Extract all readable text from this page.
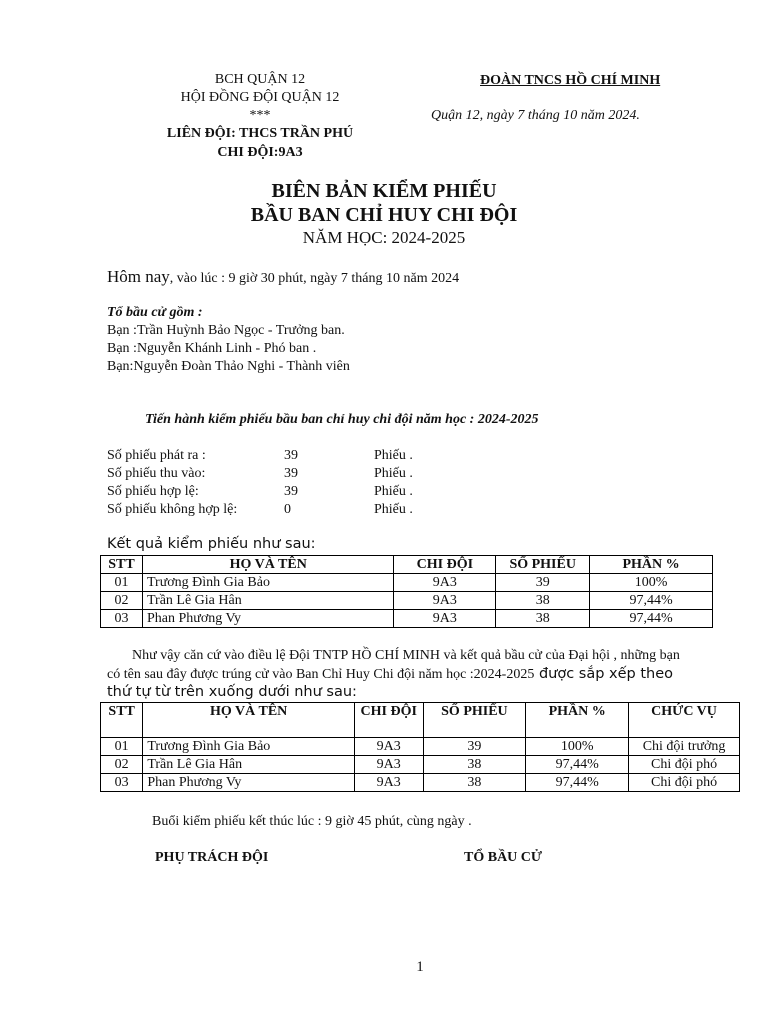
BCH QUẬN 12
HỘI ĐỒNG ĐỘI QUẬN 12
***
LIÊN ĐỘI: THCS TRẦN PHÚ
CHI ĐỘI:9A3
ĐOÀN TNCS HỒ CHÍ MINH
Quận 12, ngày 7 tháng 10 năm 2024.
BIÊN BẢN KIỂM PHIẾU
BẦU BAN CHỈ HUY CHI ĐỘI
NĂM HỌC: 2024-2025
Hôm nay, vào lúc : 9 giờ 30 phút, ngày 7 tháng 10 năm 2024
Tổ bầu cử gồm :
Bạn :Trần Huỳnh Bảo Ngọc - Trưởng ban.
Bạn :Nguyễn Khánh Linh - Phó ban .
Bạn:Nguyễn Đoàn Thảo Nghi - Thành viên
Tiến hành kiểm phiếu bầu ban chỉ huy chi đội năm học : 2024-2025
Số phiếu phát ra :	39	Phiếu .
Số phiếu thu vào:	39	Phiếu .
Số phiếu hợp lệ:	39	Phiếu .
Số phiếu không hợp lệ:	0	Phiếu .
Kết quả kiểm phiếu như sau:
STT	HỌ VÀ TÊN	CHI ĐỘI	SỐ PHIẾU	PHẦN %
01	Trương Đình Gia Bảo	9A3	39	100%
02	Trần Lê Gia Hân	9A3	38	97,44%
03	Phan Phương Vy	9A3	38	97,44%
Như vậy căn cứ vào điều lệ Đội TNTP HỒ CHÍ MINH và kết quả bầu cử của Đại hội , những bạn
có tên sau đây được trúng cử vào Ban Chỉ Huy Chi đội năm học :2024-2025 được sắp xếp theo
thứ tự từ trên xuống dưới như sau:
STT	HỌ VÀ TÊN	CHI ĐỘI	SỐ PHIẾU	PHẦN %	CHỨC VỤ
01	Trương Đình Gia Bảo	9A3	39	100%	Chi đội trưởng
02	Trần Lê Gia Hân	9A3	38	97,44%	Chi đội phó
03	Phan Phương Vy	9A3	38	97,44%	Chi đội phó
Buổi kiểm phiếu kết thúc lúc : 9 giờ 45 phút, cùng ngày .
PHỤ TRÁCH ĐỘI	TỔ BẦU CỬ
1
